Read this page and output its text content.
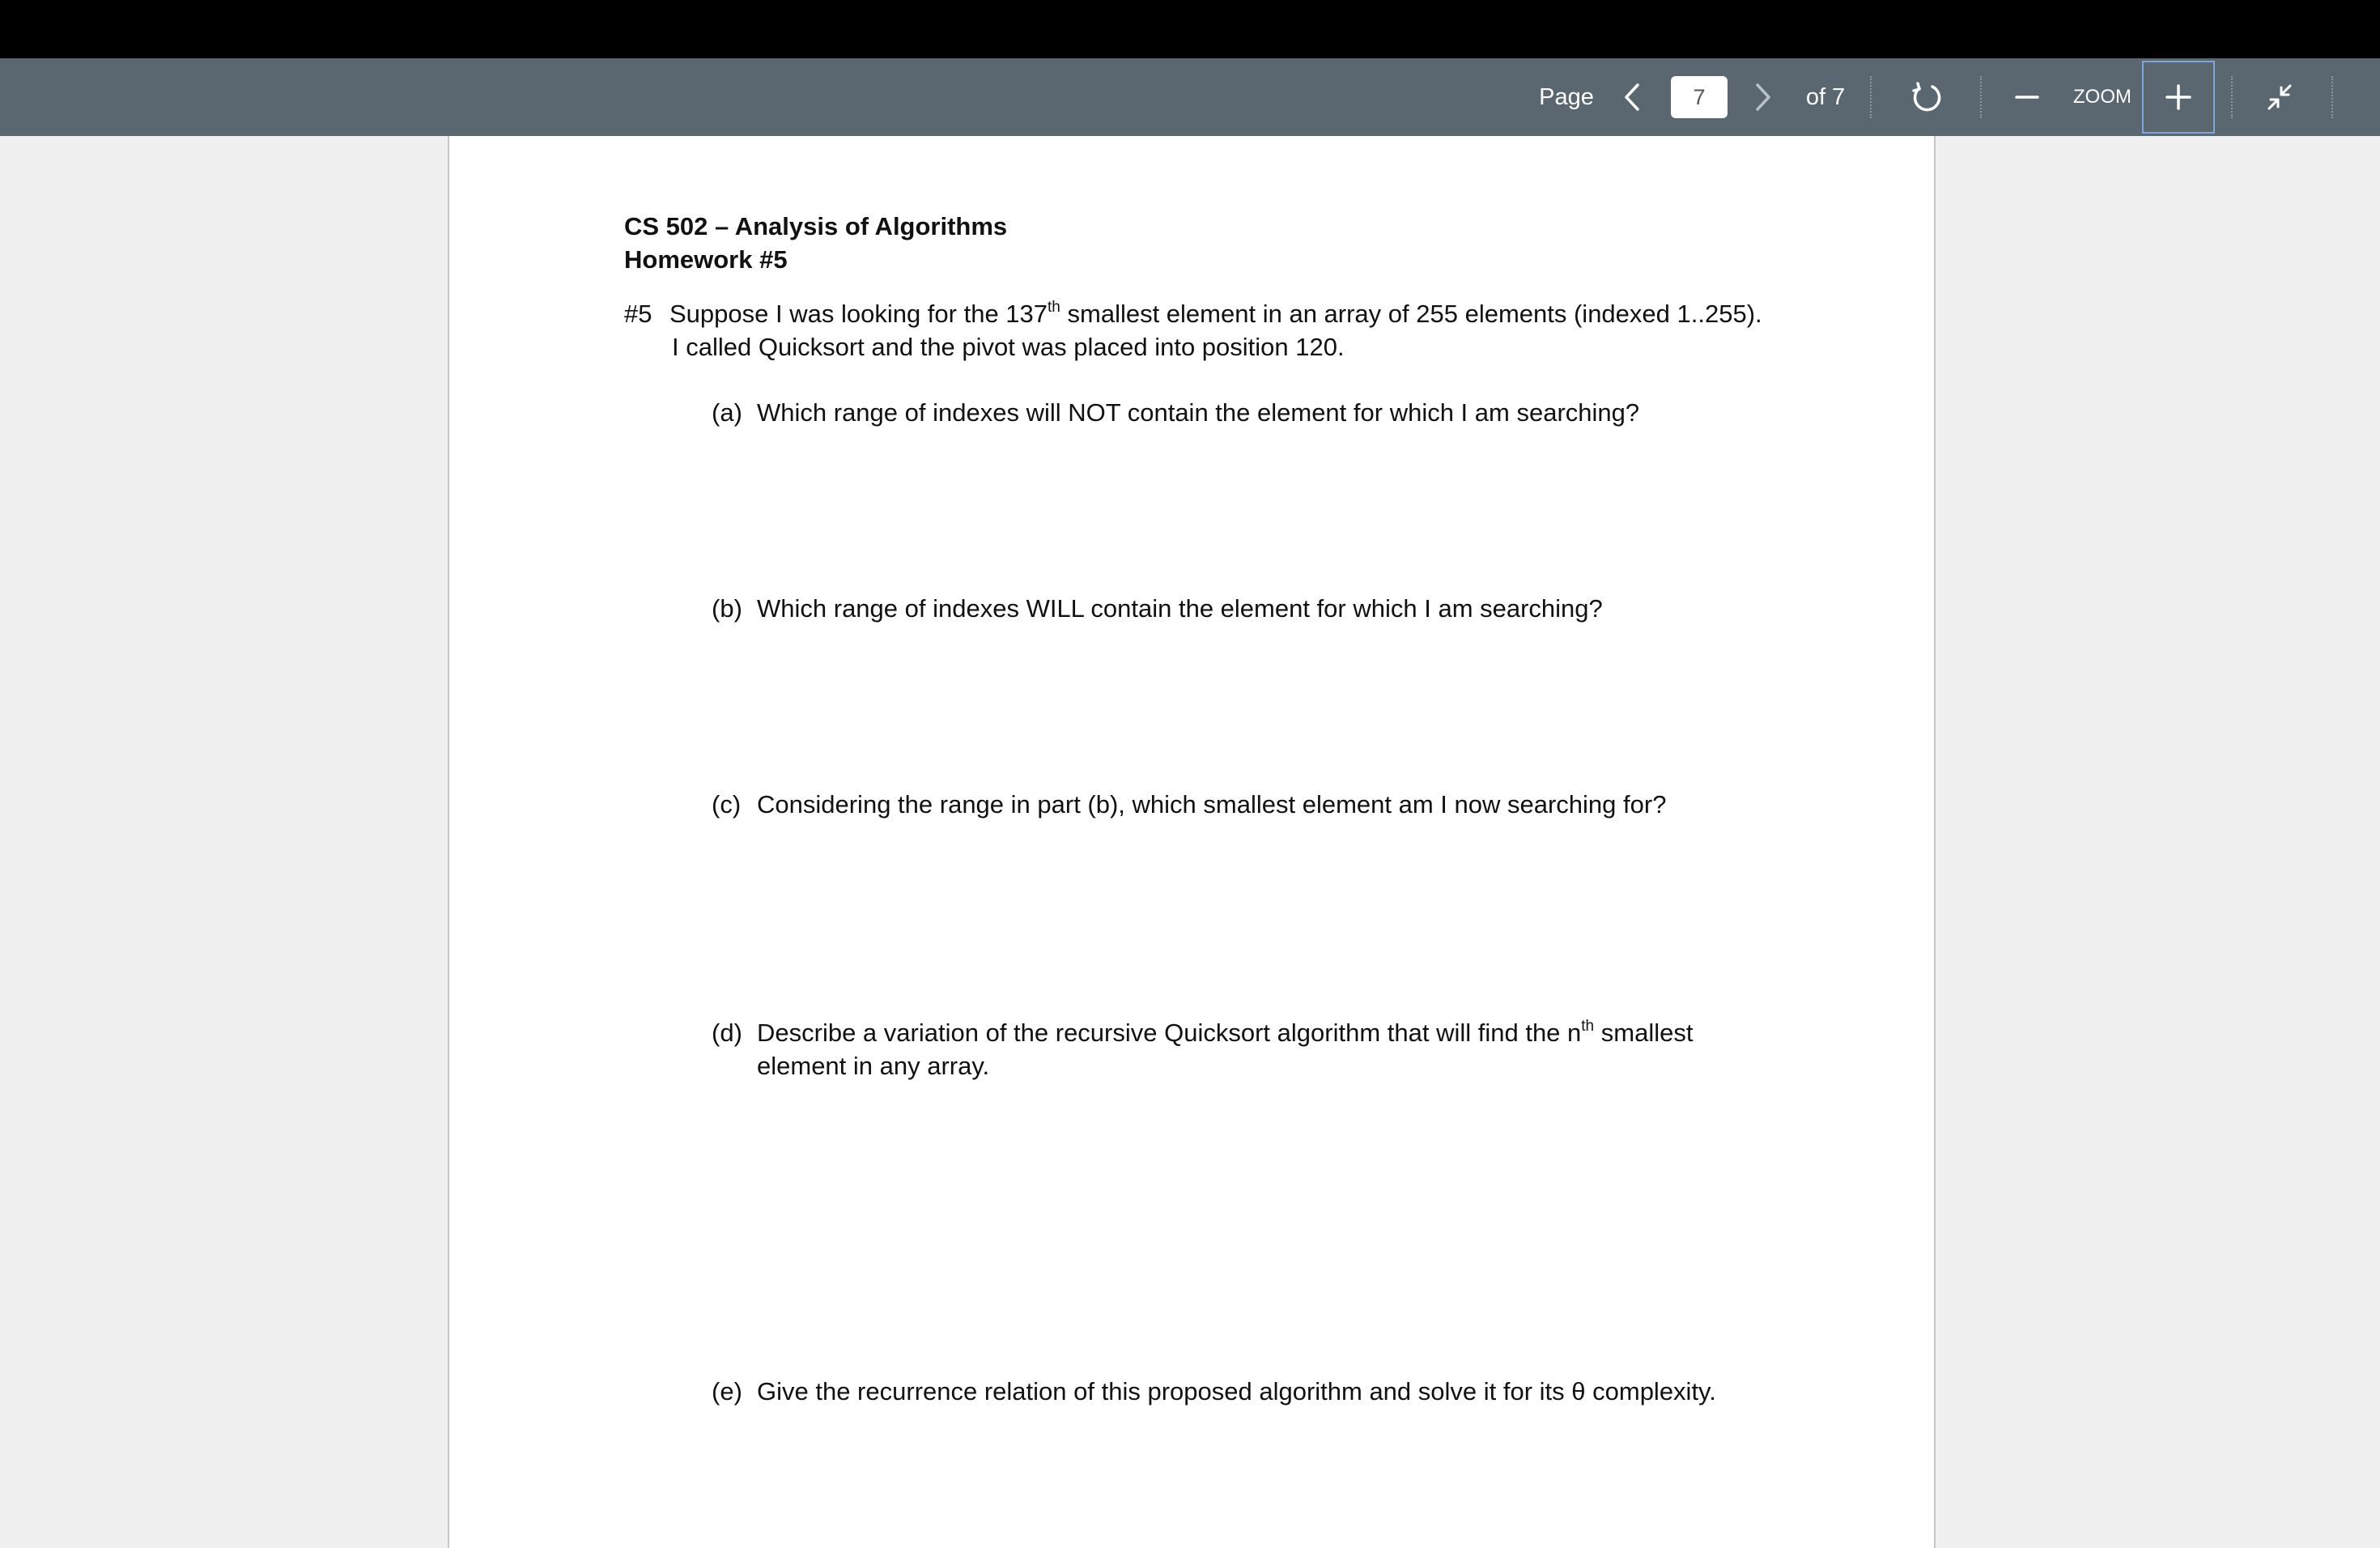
Page
7	of 7	ZOOM
CS 502 – Analysis of Algorithms
Homework #5
#5 Suppose I was looking for the 137th smallest element in an array of 255 elements (indexed 1..255).
I called Quicksort and the pivot was placed into position 120.
(a) Which range of indexes will NOT contain the element for which I am searching?
(b) Which range of indexes WILL contain the element for which I am searching?
(c) Considering the range in part (b), which smallest element am I now searching for?
(d) Describe a variation of the recursive Quicksort algorithm that will find the $n^{th}$ smallest
element in any array.
(e) Give the recurrence relation of this proposed algorithm and solve it for its θ complexity.
